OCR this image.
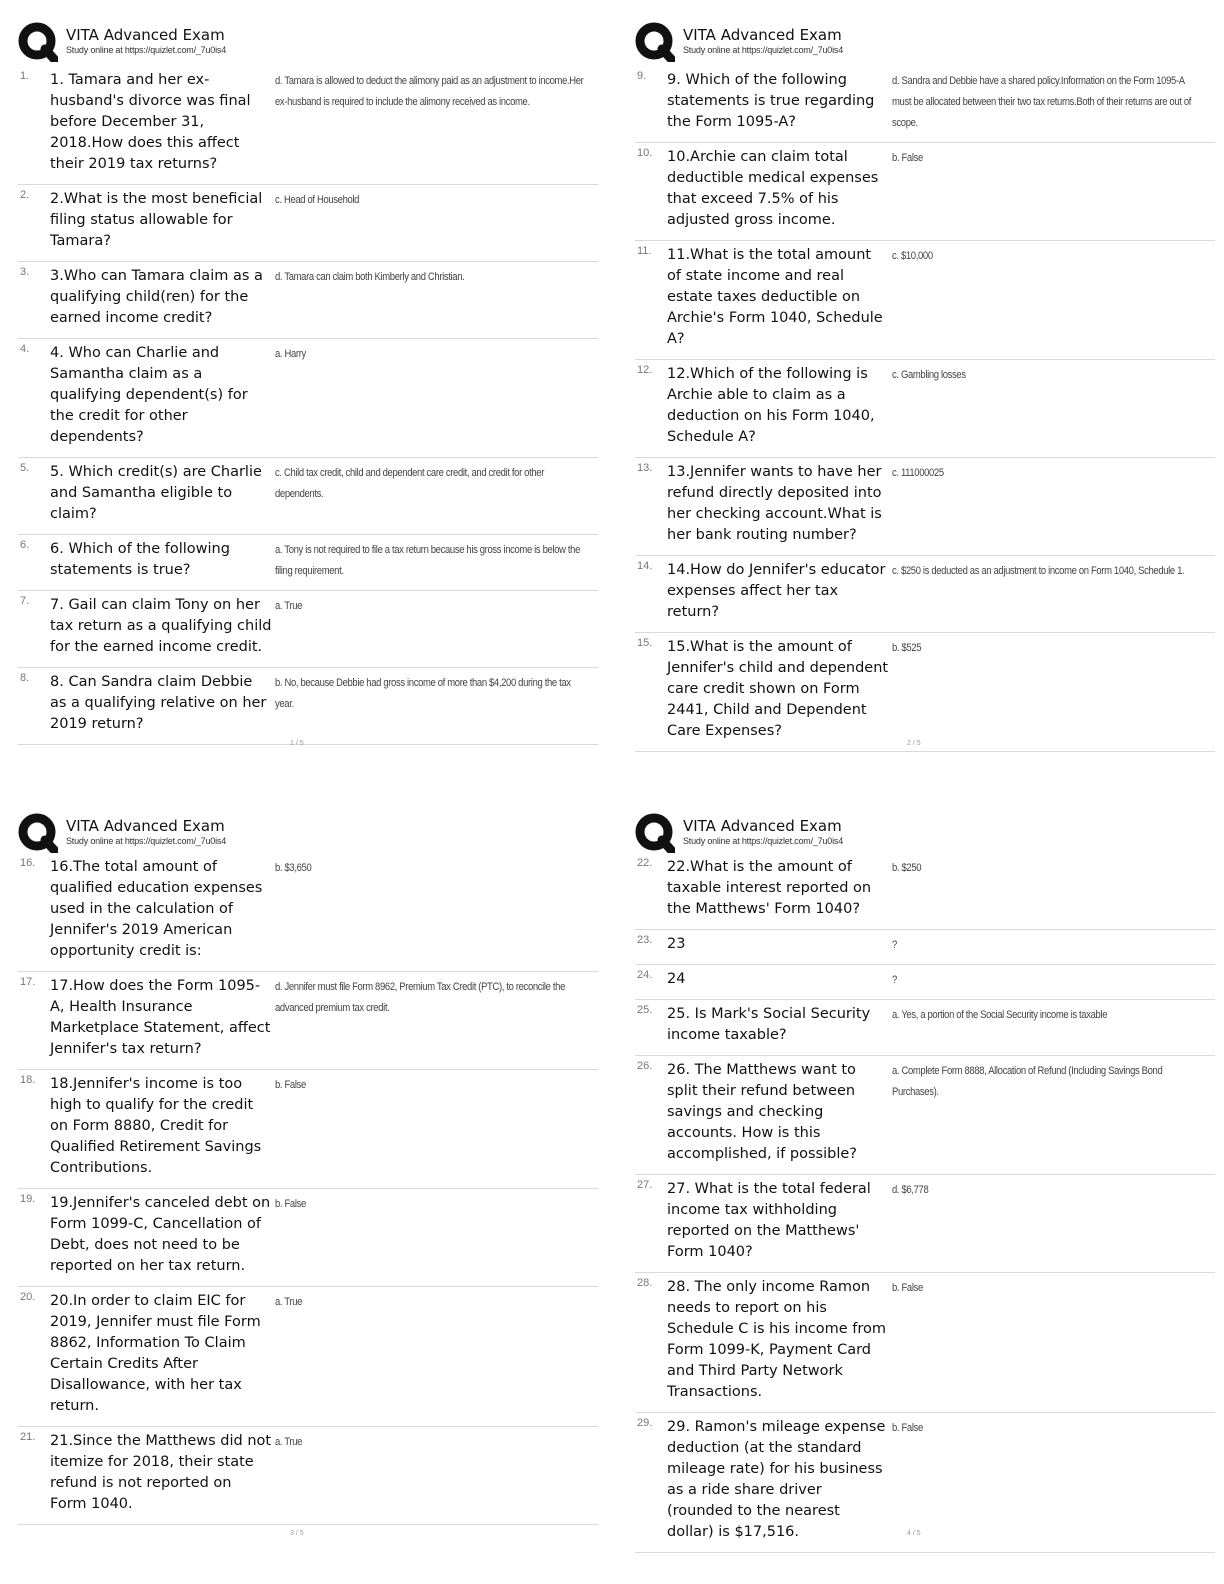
VITA Advanced Exam
Study online at https://quizlet.com/_7u0is4
1. 1. Tamara and her ex-husband's divorce was final before December 31, 2018.How does this affect their 2019 tax returns?
d. Tamara is allowed to deduct the alimony paid as an adjustment to income.Her ex-husband is required to include the alimony received as income.
2. 2.What is the most beneficial filing status allowable for Tamara?
c. Head of Household
3. 3.Who can Tamara claim as a qualifying child(ren) for the earned income credit?
d. Tamara can claim both Kimberly and Christian.
4. 4. Who can Charlie and Samantha claim as a qualifying dependent(s) for the credit for other dependents?
a. Harry
5. 5. Which credit(s) are Charlie and Samantha eligible to claim?
c. Child tax credit, child and dependent care credit, and credit for other dependents.
6. 6. Which of the following statements is true?
a. Tony is not required to file a tax return because his gross income is below the filing requirement.
7. 7. Gail can claim Tony on her tax return as a qualifying child for the earned income credit.
a. True
8. 8. Can Sandra claim Debbie as a qualifying relative on her 2019 return?
b. No, because Debbie had gross income of more than $4,200 during the tax year.
1 / 5
VITA Advanced Exam
Study online at https://quizlet.com/_7u0is4
9. 9. Which of the following statements is true regarding the Form 1095-A?
d. Sandra and Debbie have a shared policy.Information on the Form 1095-A must be allocated between their two tax returns.Both of their returns are out of scope.
10. 10.Archie can claim total deductible medical expenses that exceed 7.5% of his adjusted gross income.
b. False
11. 11.What is the total amount of state income and real estate taxes deductible on Archie's Form 1040, Schedule A?
c. $10,000
12. 12.Which of the following is Archie able to claim as a deduction on his Form 1040, Schedule A?
c. Gambling losses
13. 13.Jennifer wants to have her refund directly deposited into her checking account.What is her bank routing number?
c. 111000025
14. 14.How do Jennifer's educator expenses affect her tax return?
c. $250 is deducted as an adjustment to income on Form 1040, Schedule 1.
15. 15.What is the amount of Jennifer's child and dependent care credit shown on Form 2441, Child and Dependent Care Expenses?
b. $525
2 / 5
VITA Advanced Exam
Study online at https://quizlet.com/_7u0is4
16. 16.The total amount of qualified education expenses used in the calculation of Jennifer's 2019 American opportunity credit is:
b. $3,650
17. 17.How does the Form 1095-A, Health Insurance Marketplace Statement, affect Jennifer's tax return?
d. Jennifer must file Form 8962, Premium Tax Credit (PTC), to reconcile the advanced premium tax credit.
18. 18.Jennifer's income is too high to qualify for the credit on Form 8880, Credit for Qualified Retirement Savings Contributions.
b. False
19. 19.Jennifer's canceled debt on Form 1099-C, Cancellation of Debt, does not need to be reported on her tax return.
b. False
20. 20.In order to claim EIC for 2019, Jennifer must file Form 8862, Information To Claim Certain Credits After Disallowance, with her tax return.
a. True
21. 21.Since the Matthews did not itemize for 2018, their state refund is not reported on Form 1040.
a. True
3 / 5
VITA Advanced Exam
Study online at https://quizlet.com/_7u0is4
22. 22.What is the amount of taxable interest reported on the Matthews' Form 1040?
b. $250
23. 23	?
24. 24	?
25. 25. Is Mark's Social Security income taxable?
a. Yes, a portion of the Social Security income is taxable
26. 26. The Matthews want to split their refund between savings and checking accounts. How is this accomplished, if possible?
a. Complete Form 8888, Allocation of Refund (Including Savings Bond Purchases).
27. 27. What is the total federal income tax withholding reported on the Matthews' Form 1040?
d. $6,778
28. 28. The only income Ramon needs to report on his Schedule C is his income from Form 1099-K, Payment Card and Third Party Network Transactions.
b. False
29. 29. Ramon's mileage expense deduction (at the standard mileage rate) for his business as a ride share driver (rounded to the nearest dollar) is $17,516.
b. False
4 / 5
